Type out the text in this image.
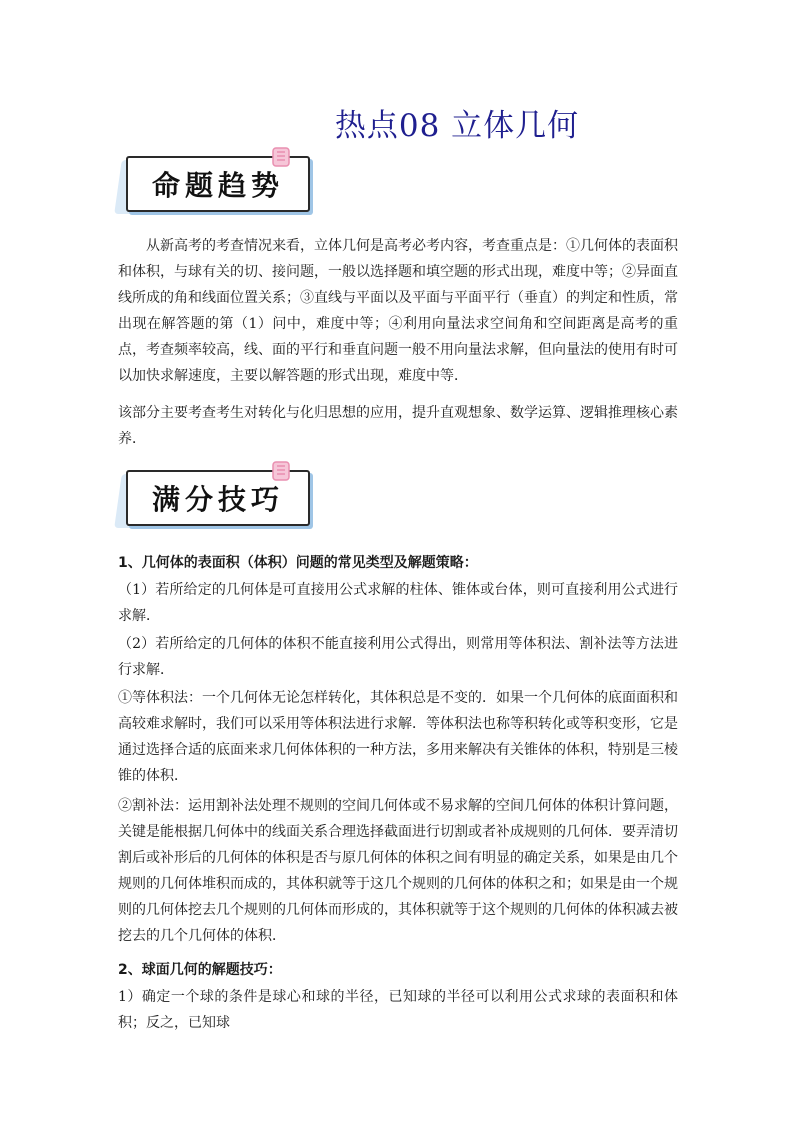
热点08 立体几何
命题趋势

从新高考的考查情况来看，立体几何是高考必考内容，考查重点是：①几何体的表面积和体积，与球有关的切、接问题，一般以选择题和填空题的形式出现，难度中等；②异面直线所成的角和线面位置关系；③直线与平面以及平面与平面平行（垂直）的判定和性质，常出现在解答题的第（1）问中，难度中等；④利用向量法求空间角和空间距离是高考的重点，考查频率较高，线、面的平行和垂直问题一般不用向量法求解，但向量法的使用有时可以加快求解速度，主要以解答题的形式出现，难度中等．

该部分主要考查考生对转化与化归思想的应用，提升直观想象、数学运算、逻辑推理核心素养．

满分技巧

1、几何体的表面积（体积）问题的常见类型及解题策略：

（1）若所给定的几何体是可直接用公式求解的柱体、锥体或台体，则可直接利用公式进行求解．

（2）若所给定的几何体的体积不能直接利用公式得出，则常用等体积法、割补法等方法进行求解．

①等体积法：一个几何体无论怎样转化，其体积总是不变的．如果一个几何体的底面面积和高较难求解时，我们可以采用等体积法进行求解．等体积法也称等积转化或等积变形，它是通过选择合适的底面来求几何体体积的一种方法，多用来解决有关锥体的体积，特别是三棱锥的体积．

②割补法：运用割补法处理不规则的空间几何体或不易求解的空间几何体的体积计算问题，关键是能根据几何体中的线面关系合理选择截面进行切割或者补成规则的几何体．要弄清切割后或补形后的几何体的体积是否与原几何体的体积之间有明显的确定关系，如果是由几个规则的几何体堆积而成的，其体积就等于这几个规则的几何体的体积之和；如果是由一个规则的几何体挖去几个规则的几何体而形成的，其体积就等于这个规则的几何体的体积减去被挖去的几个几何体的体积．

2、球面几何的解题技巧：

1）确定一个球的条件是球心和球的半径，已知球的半径可以利用公式求球的表面积和体积；反之，已知球
